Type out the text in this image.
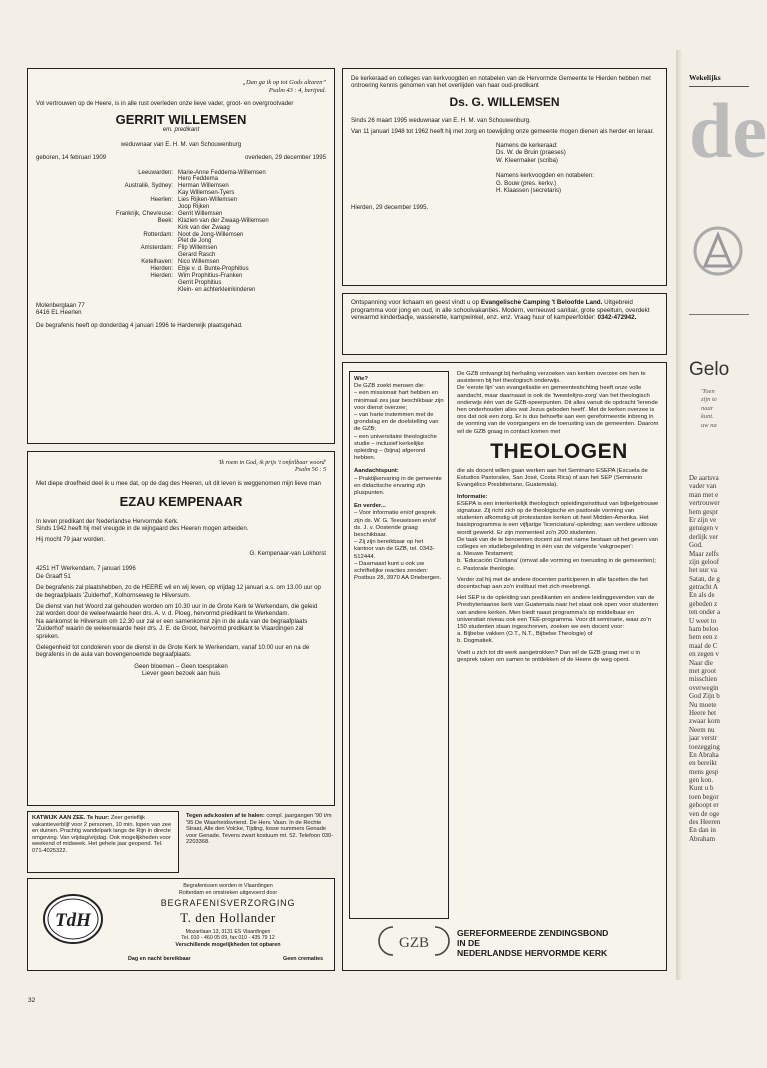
„Dan ga ik op tot Gods altaren”
Psalm 43 : 4, berijmd.

Vol vertrouwen op de Heere, is in alle rust overleden onze lieve vader, groot- en overgrootvader

GERRIT WILLEMSEN
em. predikant

weduwnaar van E. H. M. van Schouwenburg

geboren, 14 februari 1909	overleden, 29 december 1995
Leeuwarden:	Marie-Anne Feddema-Willemsen
Hero Feddema
Australië, Sydney:	Herman Willemsen
Kay Willemsen-Tyers
Heerlen:	Lies Rijken-Willemsen
Joop Rijken
Frankrijk, Chevreuse:	Gerrit Willemsen
Beek:	Klazien van der Zwaag-Willemsen
Kirk van der Zwaag
Rotterdam:	Noot de Jong-Willemsen
Piet de Jong
Amsterdam:	Flip Willemsen
Gerard Rasch
Ketelhaven:	Nico Willemsen
Hierden:	Ebje v. d. Bunte-Prophitius
Hierden:	Wim Prophitius-Franken
Gerrit Prophitius
Klein- en achterkleinkinderen
Molenberglaan 77
6416 EL Heerlen

De begrafenis heeft op donderdag 4 januari 1996 te Harderwijk plaatsgehad.

De kerkeraad en colleges van kerkvoogden en notabelen van de Hervormde Gemeente te Hierden hebben met ontroering kennis genomen van het overlijden van haar oud-predikant

Ds. G. WILLEMSEN

Sinds 26 maart 1995 weduwnaar van E. H. M. van Schouwenburg.

Van 11 januari 1948 tot 1962 heeft hij met zorg en toewijding onze gemeente mogen dienen als herder en leraar.

Namens de kerkeraad:
Ds. W. de Bruin (praeses)
W. Kleermaker (scriba)
Namens kerkvoogden en notabelen:
G. Bouw (pres. kerkv.)
H. Klaassen (secretaris)
Hierden, 29 december 1995.
Ontspanning voor lichaam en geest vindt u op Evangelische Camping 't Beloofde Land. Uitgebreid programma voor jong en oud, in alle schoolvakanties. Modern, vernieuwd sanitair, grote speeltuin, overdekt verwarmd kinderbadje, wasserette, kampwinkel, enz. enz. Vraag huur of kampeerfolder: 0342-472942.
'Ik roem in God, ik prijs 't onfeilbaar woord'
Psalm 56 : 5

Met diepe droefheid deel ik u mee dat, op de dag des Heeren, uit dit leven is weggenomen mijn lieve man

EZAU KEMPENAAR

In leven predikant der Nederlandse Hervormde Kerk.
Sinds 1942 heeft hij met vreugde in de wijngaard des Heeren mogen arbeiden.

Hij mocht 79 jaar worden.

G. Kempenaar-van Lokhorst

4251 HT Werkendam, 7 januari 1996
De Graaff 51

De begrafenis zal plaatshebben, zo de HEERE wil en wij leven, op vrijdag 12 januari a.s. om 13.00 uur op de begraafplaats 'Zuiderhof', Kolhornseweg te Hilversum.

De dienst van het Woord zal gehouden worden om 10.30 uur in de Grote Kerk te Werkendam, die geleid zal worden door de weleerwaarde heer drs. A. v. d. Ploeg, hervormd predikant te Werkendam.
Na aankomst te Hilversum om 12.30 uur zal er een samenkomst zijn in de aula van de begraafplaats 'Zuiderhof' waarin de weleerwaarde heer drs. J. E. de Groot, hervormd predikant te Vlaardingen zal spreken.

Gelegenheid tot condoleren voor de dienst in de Grote Kerk te Werkendam, vanaf 10.00 uur en na de begrafenis in de aula van bovengenoemde begraafplaats.

Geen bloemen – Geen toespraken
Liever geen bezoek aan huis
KATWIJK AAN ZEE. Te huur: Zeer gerieflijk vakantieverblijf voor 2 personen, 10 min. lopen van zee en duinen. Prachtig wandelpark langs de Rijn in directe omgeving. Van vrijdag/vrijdag. Ook mogelijkheden voor weekend of midweek. Het gehele jaar geopend. Tel. 071-4025322.
Tegen adv.kosten af te halen: compl. jaargangen '90 t/m '95 De Waarheidsvriend. De Herv. Vaan. In de Rechte Straat, Alle den Volcke, Tijding, losse nummers Genade voor Genade. Tevens zwart kostuum mt. 52. Telefoon 030-2203368.
TdH
Begrafenissen worden in Vlaardingen
Rotterdam en omstreken uitgevoerd door
BEGRAFENISVERZORGING
T. den Hollander
Mozartlaan 13, 3131 ES Vlaardingen
Tel. 010 - 460 05 09, fax 010 - 435 79 12
Verschillende mogelijkheden tot opbaren
Dag en nacht bereikbaar	Geen crematies
Wie?
De GZB zoekt mensen die:
– een missionair hart hebben en minimaal zes jaar beschikbaar zijn voor dienst overzee;
– van harte instemmen met de grondslag en de doelstelling van de GZB;
– een universitaire theologische studie – inclusief kerkelijke opleiding – (bijna) afgerond hebben.
Aandachtspunt:
– Praktijkervaring in de gemeente en didactische ervaring zijn pluspunten.
En verder...
– Voor informatie en/of gesprek zijn ds. W. G. Teeuwissen en/of ds. J. v. Oostende graag beschikbaar.
– Zij zijn bereikbaar op het kantoor van de GZB, tel. 0343-512444.
– Daarnaast kunt u ook uw schriftelijke reacties zenden: Postbus 28, 3970 AA Driebergen.

De GZB ontvangt bij herhaling verzoeken van kerken overzee om hen te assisteren bij het theologisch onderwijs.
De 'eerste lijn' van evangelisatie en gemeentestichting heeft onze volle aandacht, maar daarnaast is ook de 'tweedelijns-zorg' van het theologisch onderwijs één van de GZB-speerpunten. Dit alles vanuit de opdracht 'lerende hen onderhouden alles wat Jezus geboden heeft'. Met de kerken overzee is ons dat ook een zorg. Er is dus behoefte aan een gereformeerde inbreng in de vorming van de voorgangers en de toerusting van de gemeenten. Daarom wil de GZB graag in contact komen met

THEOLOGEN

die als docent willen gaan werken aan het Seminario ESEPA (Escuela de Estudios Pastorales, San José, Costa Rica) of aan het SEP (Seminario Evangélico Presbiteriano, Guatemala).

Informatie:

ESEPA is een interkerkelijk theologisch opleidingsinstituut van bijbelgetrouwe signatuur. Zij richt zich op de theologische en pastorale vorming van studenten afkomstig uit protestantse kerken uit heel Midden-Amerika. Het basisprogramma is een vijfjarige 'licenciatura'-opleiding; aan verdere uitbouw wordt gewerkt. Er zijn momenteel zo'n 200 studenten.
De taak van de te benoemen docent zal met name bestaan uit het geven van colleges en studiebegeleiding in één van de volgende 'vakgroepen':
a. Nieuwe Testament;
b. 'Educación Cristiana' (omvat alle vorming en toerusting in de gemeenten);
c. Pastorale theologie.

Verder zal hij met de andere docenten participeren in alle facetten die het docentschap aan zo'n instituut met zich meebrengt.

Het SEP is de opleiding van predikanten en andere leidinggevenden van de Presbyteriaanse kerk van Guatemala naar het staat ook open voor studenten van andere kerken. Men biedt naast programma's op middelbaar en universitair niveau ook een TEE-programma. Voor dit seminarie, waar zo'n 150 studenten staan ingeschreven, zoeken we een docent voor:
a. Bijbelse vakken (O.T., N.T., Bijbelse Theologie) of
b. Dogmatiek.

Voelt u zich tot dit werk aangetrokken? Dan wil de GZB graag met u in gesprek raken om samen te ontdekken of de Heere de weg opent.

GZB
GEREFORMEERDE ZENDINGSBOND
IN DE
NEDERLANDSE HERVORMDE KERK
32
Wekelijks
de
Gelo
'Toen
zijn te
naar
kunt.
uw na
De aartsva
vader van
man met e
vertrouwer
hem gespr
Er zijn ve
getuigen v
derlijk ver
God.
Maar zelfs
zijn geloof
het uur va
Satan, de g
getracht A
En als de
gebeden z
ten onder a
U weet to
ham beloo
hem een z
maal de C
en zegen v
Naar die
met groot
misschien
overwegin
God Zijn b
Nu moete
Heere het
zwaar kom
Neem nu
jaar verstr
toezegging
En Abraha
en bereikt
mens gesp
gen kon.
Kunt u b
toen begor
gehoopt er
ven de oge
des Heeren
En dan in
Abraham
